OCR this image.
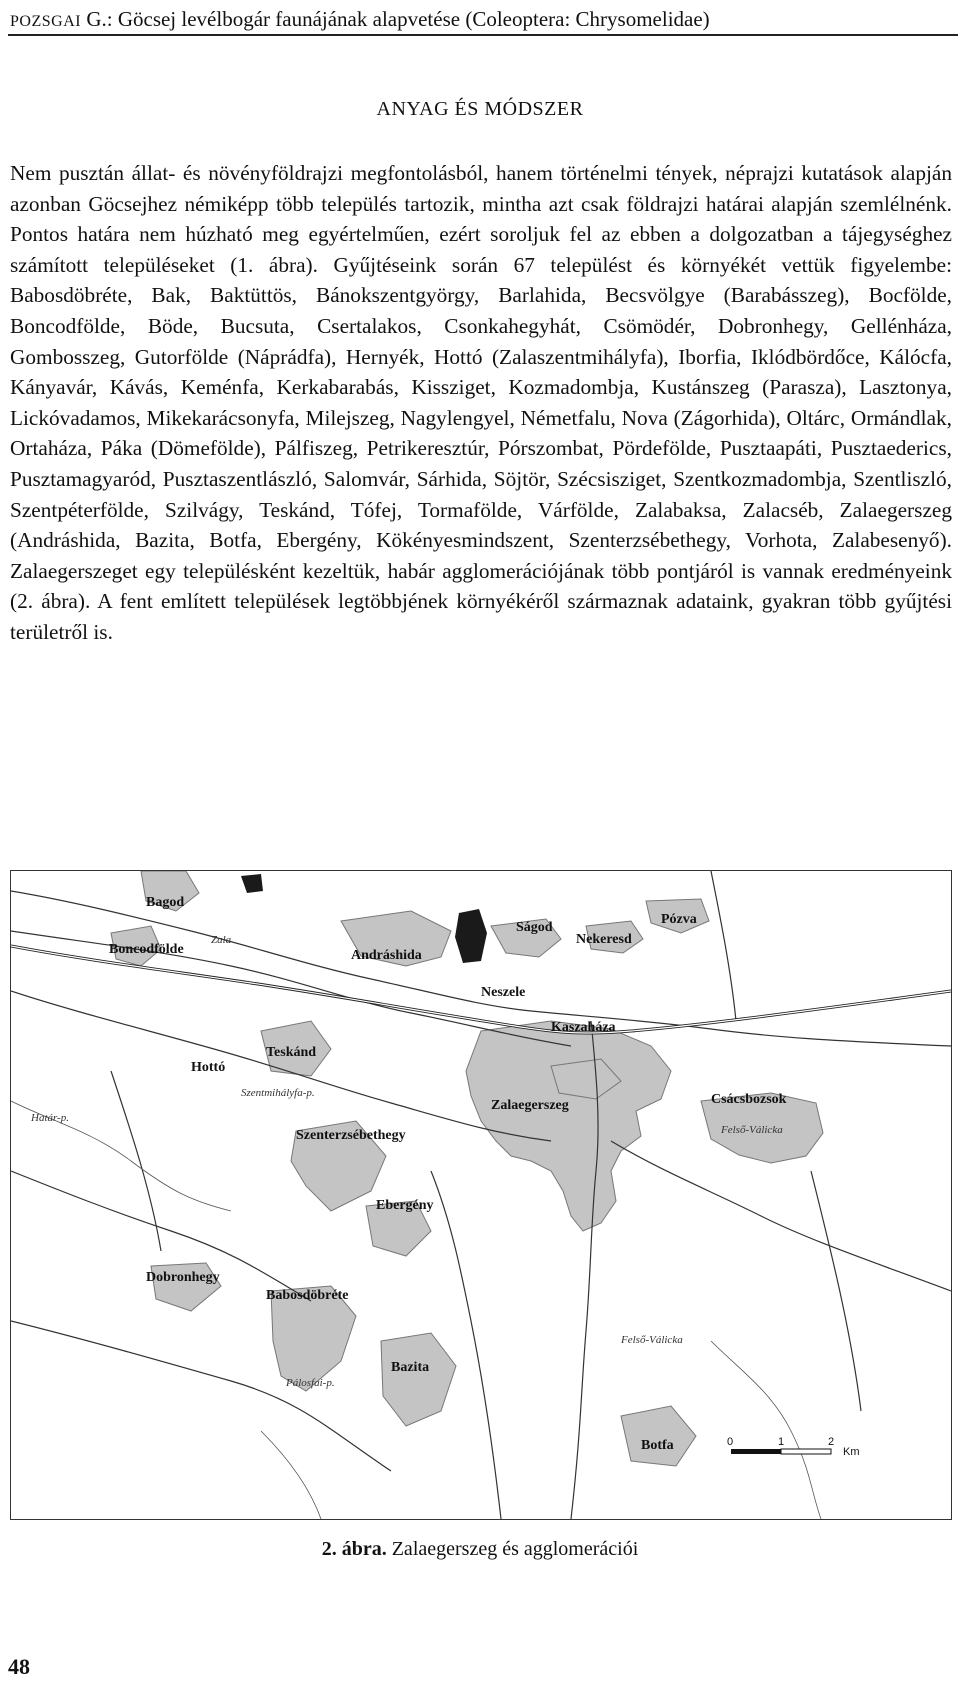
POZSGAI G.: Göcsej levélbogár faunájának alapvetése (Coleoptera: Chrysomelidae)
ANYAG ÉS MÓDSZER

Nem pusztán állat- és növényföldrajzi megfontolásból, hanem történelmi tények, néprajzi kutatások alapján azonban Göcsejhez némiképp több település tartozik, mintha azt csak földrajzi határai alapján szemlélnénk. Pontos határa nem húzható meg egyértelműen, ezért soroljuk fel az ebben a dolgozatban a tájegységhez számított településeket (1. ábra). Gyűjtéseink során 67 települést és környékét vettük figyelembe: Babosdöbréte, Bak, Baktüttös, Bánokszentgyörgy, Barlahida, Becsvölgye (Barabásszeg), Bocfölde, Boncodfölde, Böde, Bucsuta, Csertalakos, Csonkahegyhát, Csömödér, Dobronhegy, Gellénháza, Gombosszeg, Gutorfölde (Náprádfa), Hernyék, Hottó (Zalaszentmihályfa), Iborfia, Iklódbördőce, Kálócfa, Kányavár, Kávás, Keménfa, Kerkabarabás, Kissziget, Kozmadombja, Kustánszeg (Parasza), Lasztonya, Lickóvadamos, Mikekarácsonyfa, Milejszeg, Nagylengyel, Németfalu, Nova (Zágorhida), Oltárc, Ormándlak, Ortaháza, Páka (Dömefölde), Pálfiszeg, Petrikeresztúr, Pórszombat, Pördefölde, Pusztaapáti, Pusztaederics, Pusztamagyaród, Pusztaszentlászló, Salomvár, Sárhida, Söjtör, Szécsisziget, Szentkozmadombja, Szentliszló, Szentpéterfölde, Szilvágy, Teskánd, Tófej, Tormafölde, Várfölde, Zalabaksa, Zalacséb, Zalaegerszeg (Andráshida, Bazita, Botfa, Ebergény, Kökényesmindszent, Szenterzsébethegy, Vorhota, Zalabesenyő). Zalaegerszeget egy településként kezeltük, habár agglomerációjának több pontjáról is vannak eredményeink (2. ábra). A fent említett települések legtöbbjének környékéről származnak adataink, gyakran több gyűjtési területről is.

Bagod
Boncodfölde
Zala
Andráshida
Ságod
Nekeresd
Pózva
Neszele
Kaszaháza
Teskánd
Hottó
Szentmihályfa-p.
Határ-p.
Zalaegerszeg	Csácsbozsok
Felső-Válicka
Szenterzsébethegy
Ebergény
Dobronhegy
Babosdöbréte
Felső-Válicka
Bazita
Pálosfai-p.
Botfa	0	1	2
Km
2. ábra. Zalaegerszeg és agglomerációi
48
